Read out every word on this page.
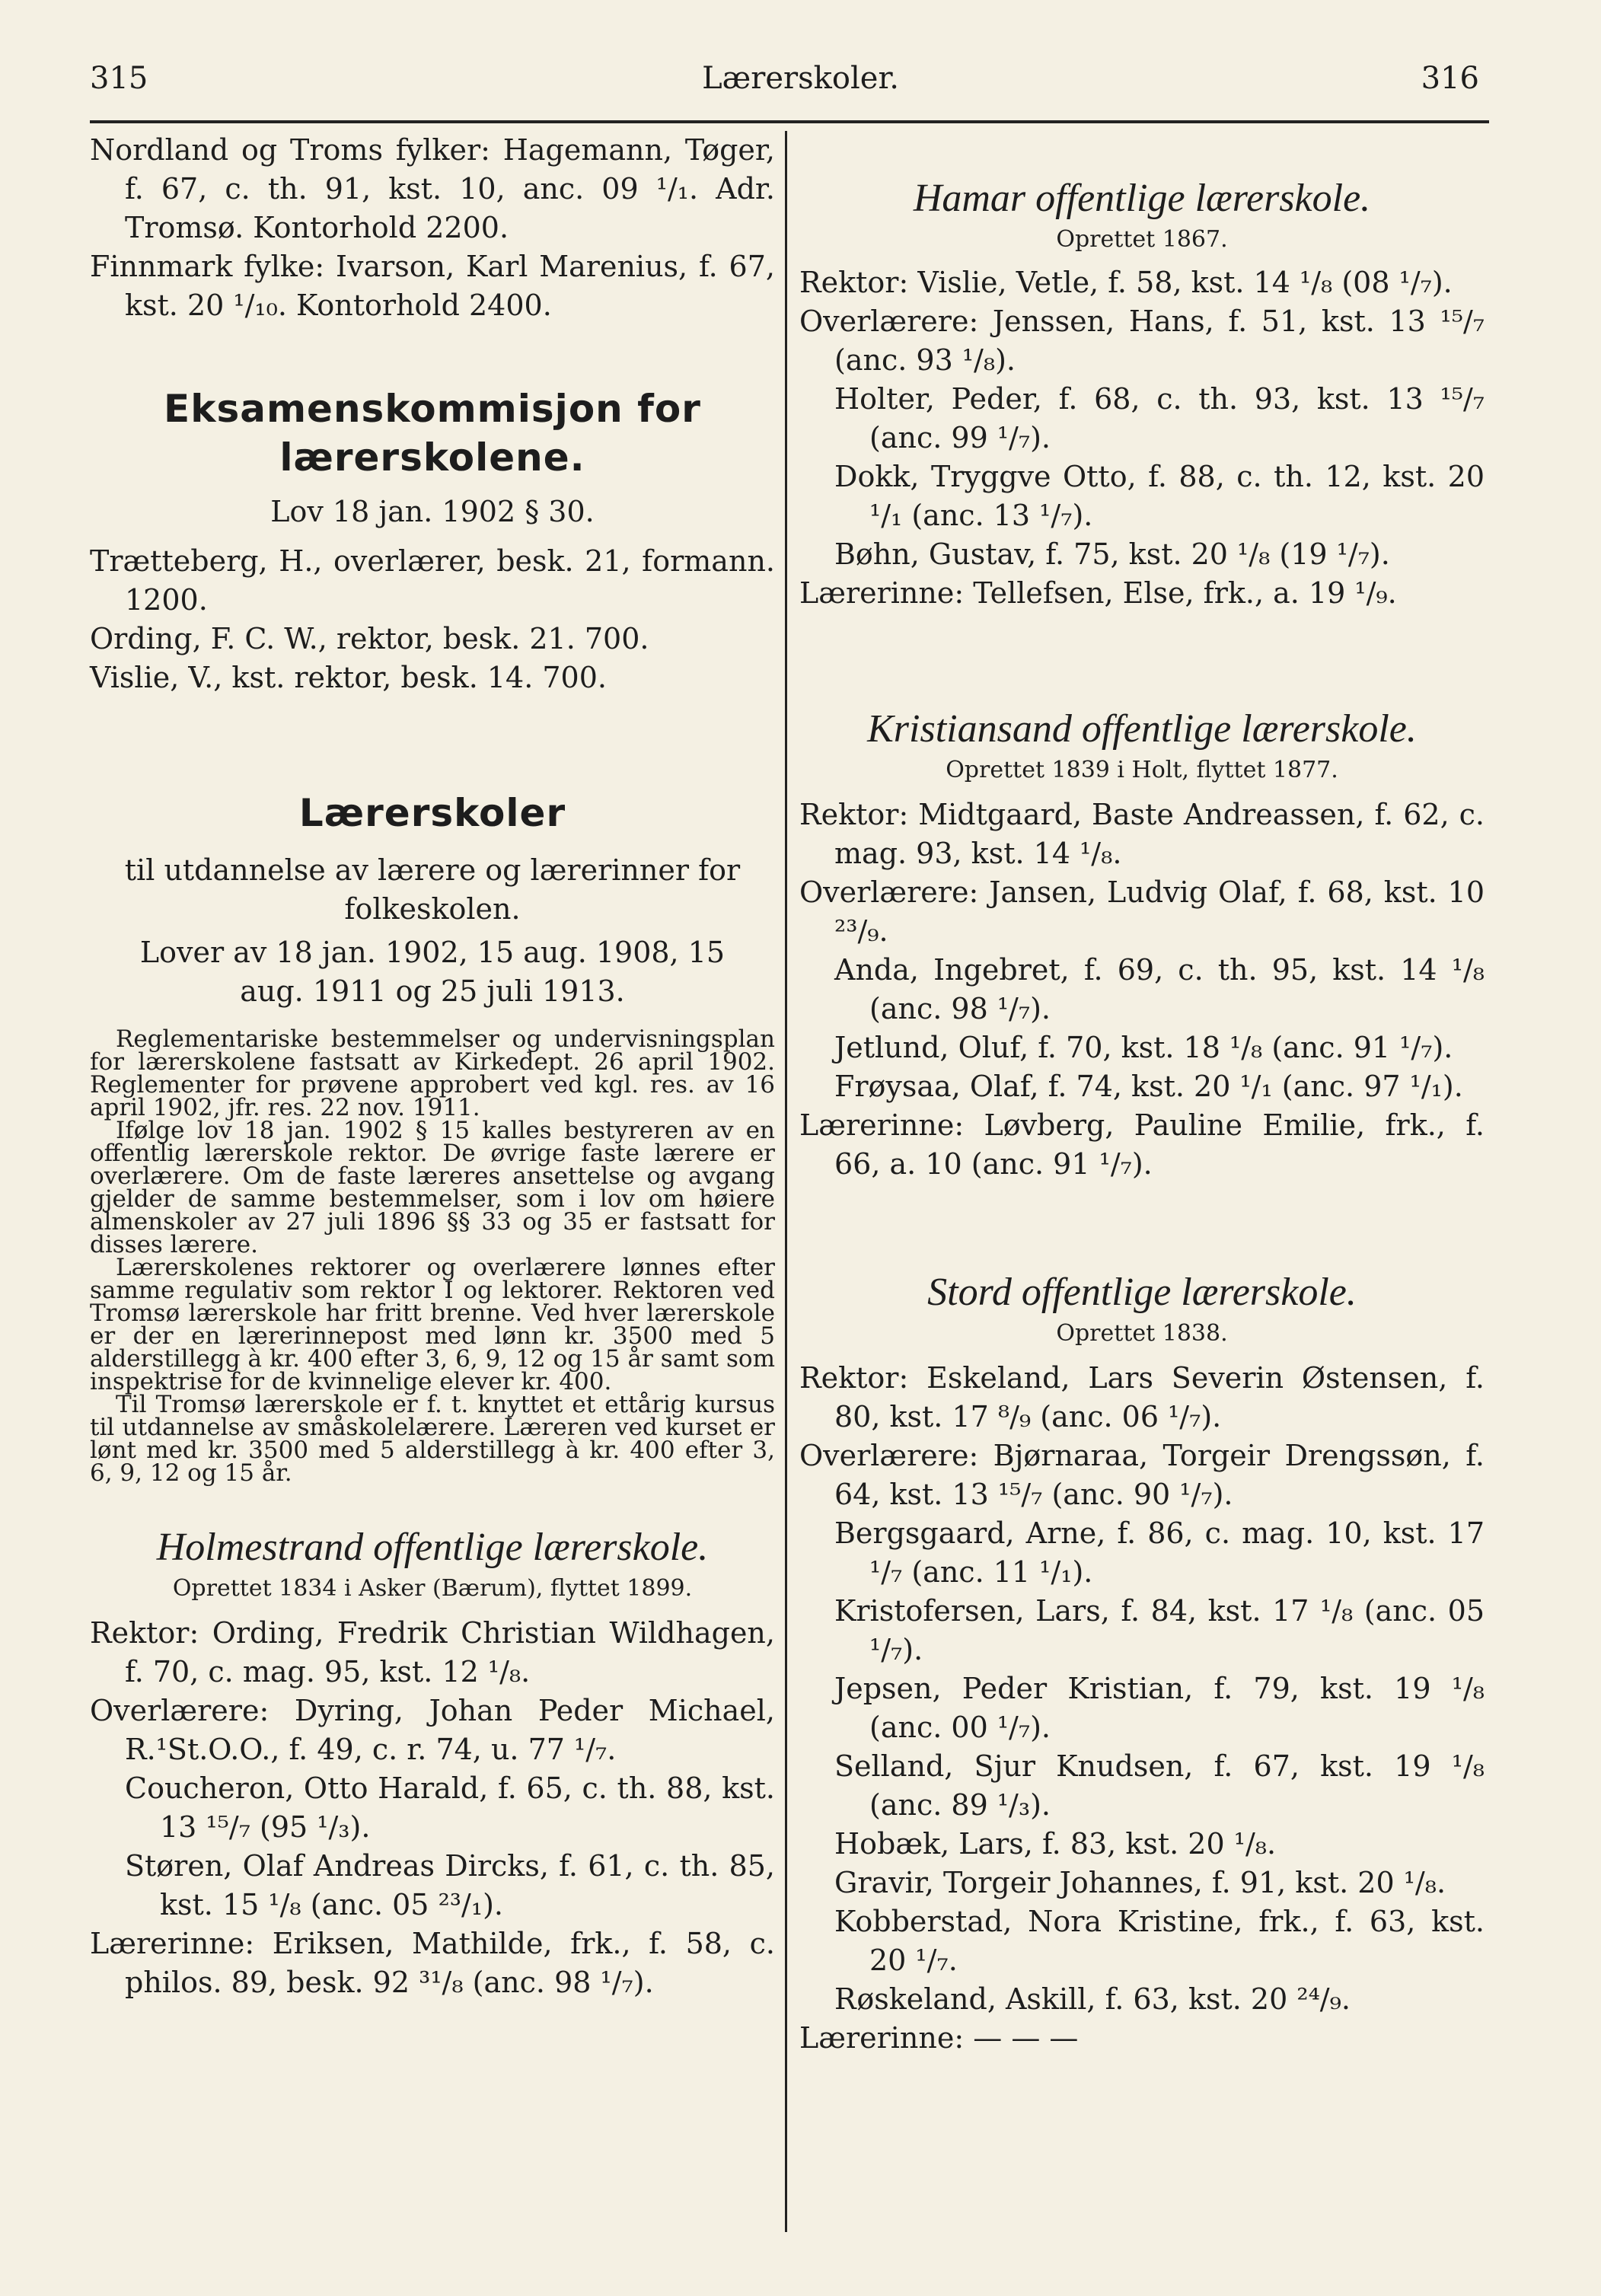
315	Lærerskoler.	316

Nordland og Troms fylker: Hagemann, Tøger, f. 67, c. th. 91, kst. 10, anc. 09 ¹/₁. Adr. Tromsø. Kontorhold 2200.

Finnmark fylke: Ivarson, Karl Marenius, f. 67, kst. 20 ¹/₁₀. Kontorhold 2400.

Eksamenskommisjon for lærerskolene.

Lov 18 jan. 1902 § 30.

Trætteberg, H., overlærer, besk. 21, formann. 1200.

Ording, F. C. W., rektor, besk. 21. 700.

Vislie, V., kst. rektor, besk. 14. 700.

Lærerskoler

til utdannelse av lærere og lærerinner for folkeskolen.

Lover av 18 jan. 1902, 15 aug. 1908, 15 aug. 1911 og 25 juli 1913.

Reglementariske bestemmelser og undervisningsplan for lærerskolene fastsatt av Kirkedept. 26 april 1902. Reglementer for prøvene approbert ved kgl. res. av 16 april 1902, jfr. res. 22 nov. 1911.

Ifølge lov 18 jan. 1902 § 15 kalles bestyreren av en offentlig lærerskole rektor. De øvrige faste lærere er overlærere. Om de faste læreres ansettelse og avgang gjelder de samme bestemmelser, som i lov om høiere almenskoler av 27 juli 1896 §§ 33 og 35 er fastsatt for disses lærere.

Lærerskolenes rektorer og overlærere lønnes efter samme regulativ som rektor I og lektorer. Rektoren ved Tromsø lærerskole har fritt brenne. Ved hver lærerskole er der en lærerinnepost med lønn kr. 3500 med 5 alderstillegg à kr. 400 efter 3, 6, 9, 12 og 15 år samt som inspektrise for de kvinnelige elever kr. 400.

Til Tromsø lærerskole er f. t. knyttet et ettårig kursus til utdannelse av småskolelærere. Læreren ved kurset er lønt med kr. 3500 med 5 alderstillegg à kr. 400 efter 3, 6, 9, 12 og 15 år.

Holmestrand offentlige lærerskole.

Oprettet 1834 i Asker (Bærum), flyttet 1899.

Rektor: Ording, Fredrik Christian Wildhagen, f. 70, c. mag. 95, kst. 12 ¹/₈.

Overlærere: Dyring, Johan Peder Michael, R.¹St.O.O., f. 49, c. r. 74, u. 77 ¹/₇.

Coucheron, Otto Harald, f. 65, c. th. 88, kst. 13 ¹⁵/₇ (95 ¹/₃).

Støren, Olaf Andreas Dircks, f. 61, c. th. 85, kst. 15 ¹/₈ (anc. 05 ²³/₁).

Lærerinne: Eriksen, Mathilde, frk., f. 58, c. philos. 89, besk. 92 ³¹/₈ (anc. 98 ¹/₇).

Hamar offentlige lærerskole.

Oprettet 1867.

Rektor: Vislie, Vetle, f. 58, kst. 14 ¹/₈ (08 ¹/₇).

Overlærere: Jenssen, Hans, f. 51, kst. 13 ¹⁵/₇ (anc. 93 ¹/₈).

Holter, Peder, f. 68, c. th. 93, kst. 13 ¹⁵/₇ (anc. 99 ¹/₇).

Dokk, Tryggve Otto, f. 88, c. th. 12, kst. 20 ¹/₁ (anc. 13 ¹/₇).

Bøhn, Gustav, f. 75, kst. 20 ¹/₈ (19 ¹/₇).

Lærerinne: Tellefsen, Else, frk., a. 19 ¹/₉.

Kristiansand offentlige lærerskole.

Oprettet 1839 i Holt, flyttet 1877.

Rektor: Midtgaard, Baste Andreassen, f. 62, c. mag. 93, kst. 14 ¹/₈.

Overlærere: Jansen, Ludvig Olaf, f. 68, kst. 10 ²³/₉.

Anda, Ingebret, f. 69, c. th. 95, kst. 14 ¹/₈ (anc. 98 ¹/₇).

Jetlund, Oluf, f. 70, kst. 18 ¹/₈ (anc. 91 ¹/₇).

Frøysaa, Olaf, f. 74, kst. 20 ¹/₁ (anc. 97 ¹/₁).

Lærerinne: Løvberg, Pauline Emilie, frk., f. 66, a. 10 (anc. 91 ¹/₇).

Stord offentlige lærerskole.

Oprettet 1838.

Rektor: Eskeland, Lars Severin Østensen, f. 80, kst. 17 ⁸/₉ (anc. 06 ¹/₇).

Overlærere: Bjørnaraa, Torgeir Drengssøn, f. 64, kst. 13 ¹⁵/₇ (anc. 90 ¹/₇).

Bergsgaard, Arne, f. 86, c. mag. 10, kst. 17 ¹/₇ (anc. 11 ¹/₁).

Kristofersen, Lars, f. 84, kst. 17 ¹/₈ (anc. 05 ¹/₇).

Jepsen, Peder Kristian, f. 79, kst. 19 ¹/₈ (anc. 00 ¹/₇).

Selland, Sjur Knudsen, f. 67, kst. 19 ¹/₈ (anc. 89 ¹/₃).

Hobæk, Lars, f. 83, kst. 20 ¹/₈.

Gravir, Torgeir Johannes, f. 91, kst. 20 ¹/₈.

Kobberstad, Nora Kristine, frk., f. 63, kst. 20 ¹/₇.

Røskeland, Askill, f. 63, kst. 20 ²⁴/₉.

Lærerinne: — — —
